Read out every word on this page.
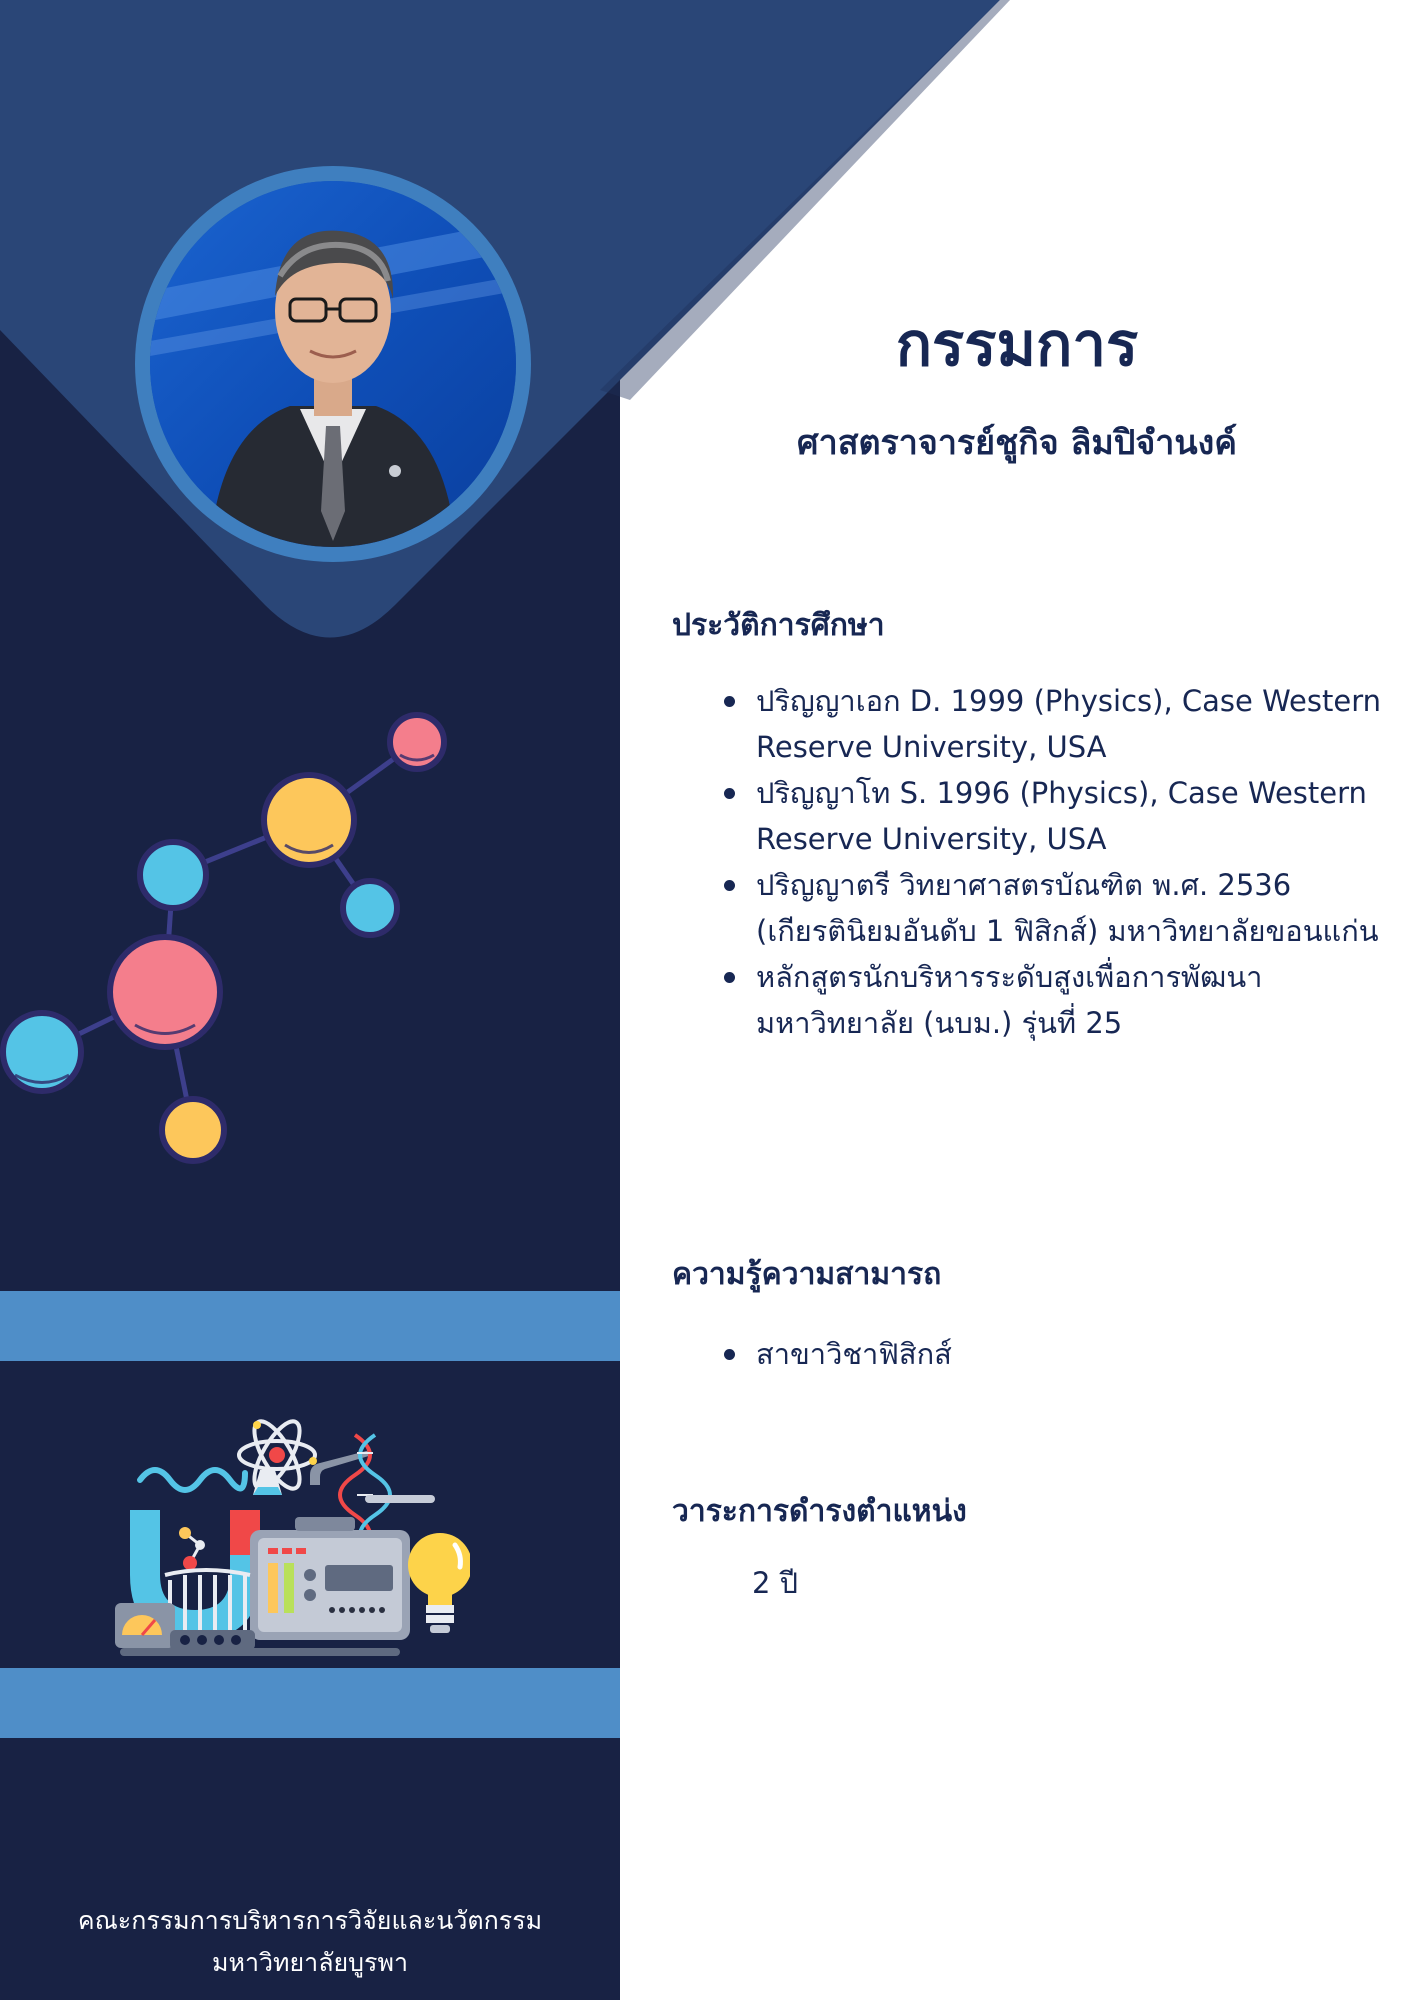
คณะกรรมการบริหารการวิจัยและนวัตกรรม
มหาวิทยาลัยบูรพา
กรรมการ
ศาสตราจารย์ชูกิจ ลิมปิจำนงค์
ประวัติการศึกษา
ปริญญาเอก D. 1999 (Physics), Case Western Reserve University, USA
ปริญญาโท S. 1996 (Physics), Case Western Reserve University, USA
ปริญญาตรี วิทยาศาสตรบัณฑิต พ.ศ. 2536 (เกียรตินิยมอันดับ 1 ฟิสิกส์) มหาวิทยาลัยขอนแก่น
หลักสูตรนักบริหารระดับสูงเพื่อการพัฒนามหาวิทยาลัย (นบม.) รุ่นที่ 25
ความรู้ความสามารถ
สาขาวิชาฟิสิกส์
วาระการดำรงตำแหน่ง
2 ปี
